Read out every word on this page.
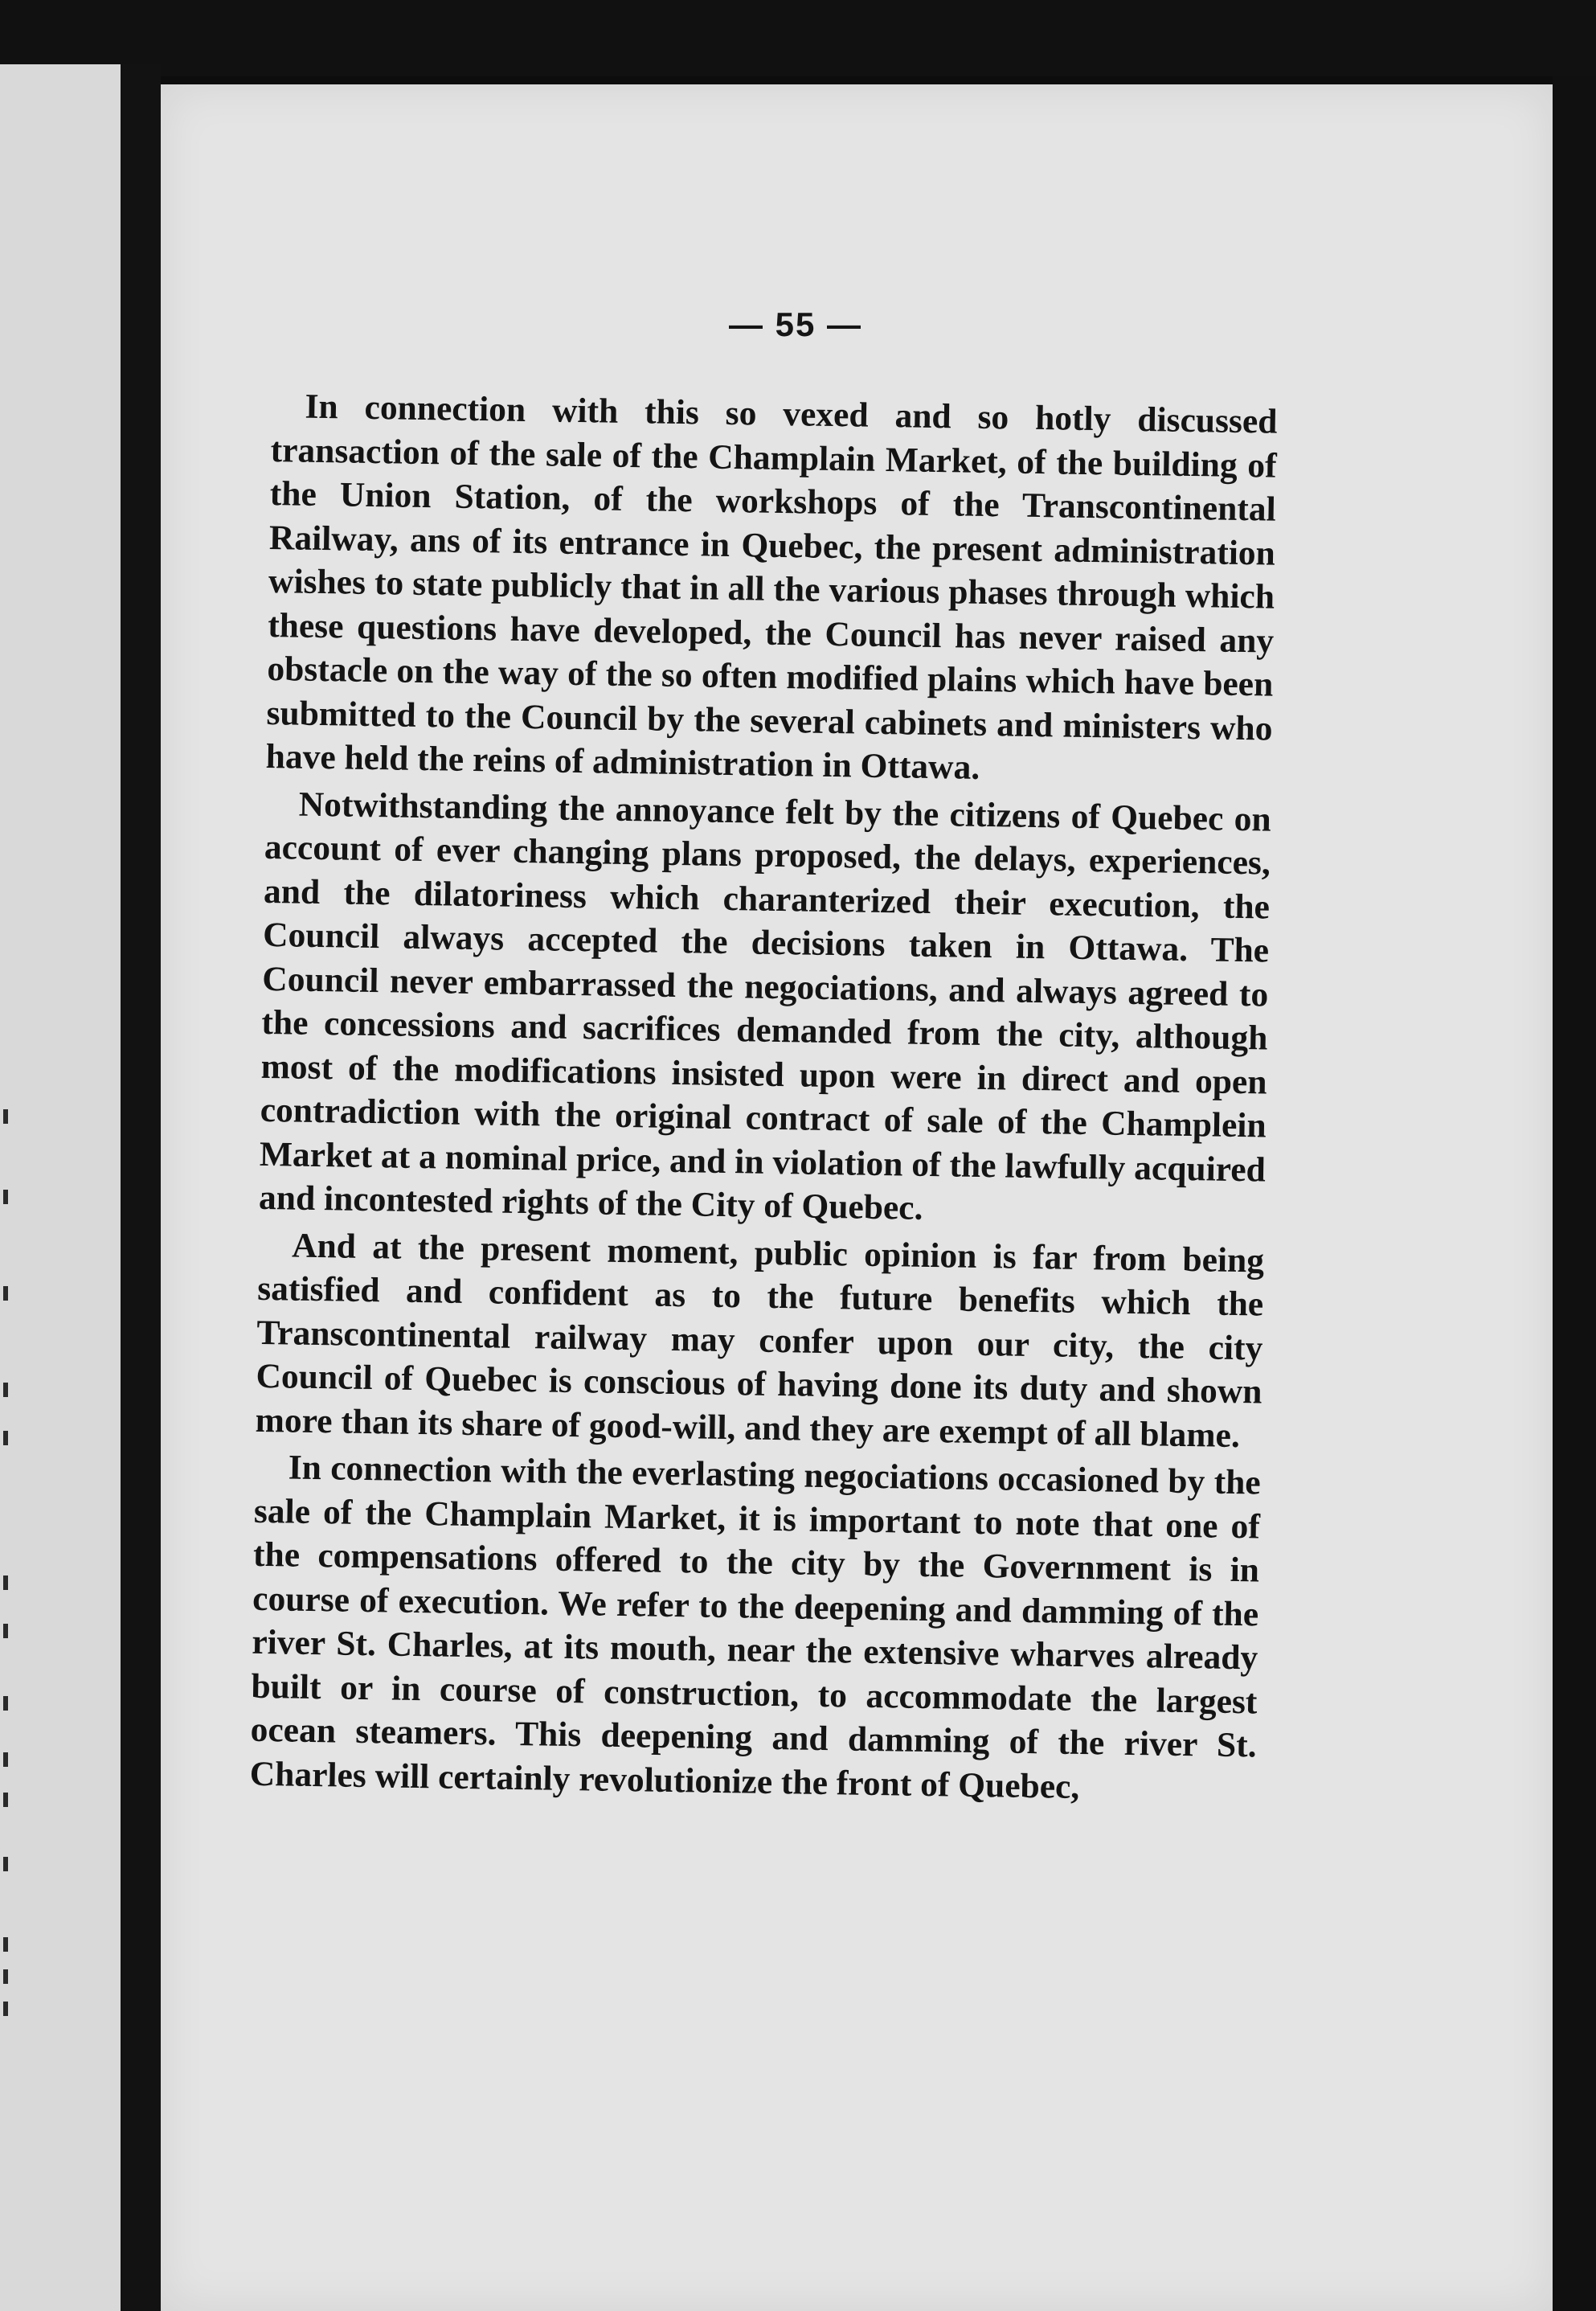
— 55 —

In connection with this so vexed and so hotly discussed transaction of the sale of the Champlain Market, of the building of the Union Station, of the workshops of the Transcontinental Railway, ans of its entrance in Quebec, the present administration wishes to state publicly that in all the various phases through which these questions have developed, the Council has never raised any obstacle on the way of the so often modified plains which have been submitted to the Council by the several cabinets and ministers who have held the reins of administration in Ottawa.

Notwithstanding the annoyance felt by the citizens of Quebec on account of ever changing plans proposed, the delays, experiences, and the dilatoriness which charanterized their execution, the Council always accepted the decisions taken in Ottawa. The Council never embarrassed the negociations, and always agreed to the concessions and sacrifices demanded from the city, although most of the modifications insisted upon were in direct and open contradiction with the original contract of sale of the Champlein Market at a nominal price, and in violation of the lawfully acquired and incontested rights of the City of Quebec.

And at the present moment, public opinion is far from being satisfied and confident as to the future benefits which the Transcontinental railway may confer upon our city, the city Council of Quebec is conscious of having done its duty and shown more than its share of good-will, and they are exempt of all blame.

In connection with the everlasting negociations occasioned by the sale of the Champlain Market, it is important to note that one of the compensations offered to the city by the Government is in course of execution. We refer to the deepening and damming of the river St. Charles, at its mouth, near the extensive wharves already built or in course of construction, to accommodate the largest ocean steamers. This deepening and damming of the river St. Charles will certainly revolutionize the front of Quebec,
